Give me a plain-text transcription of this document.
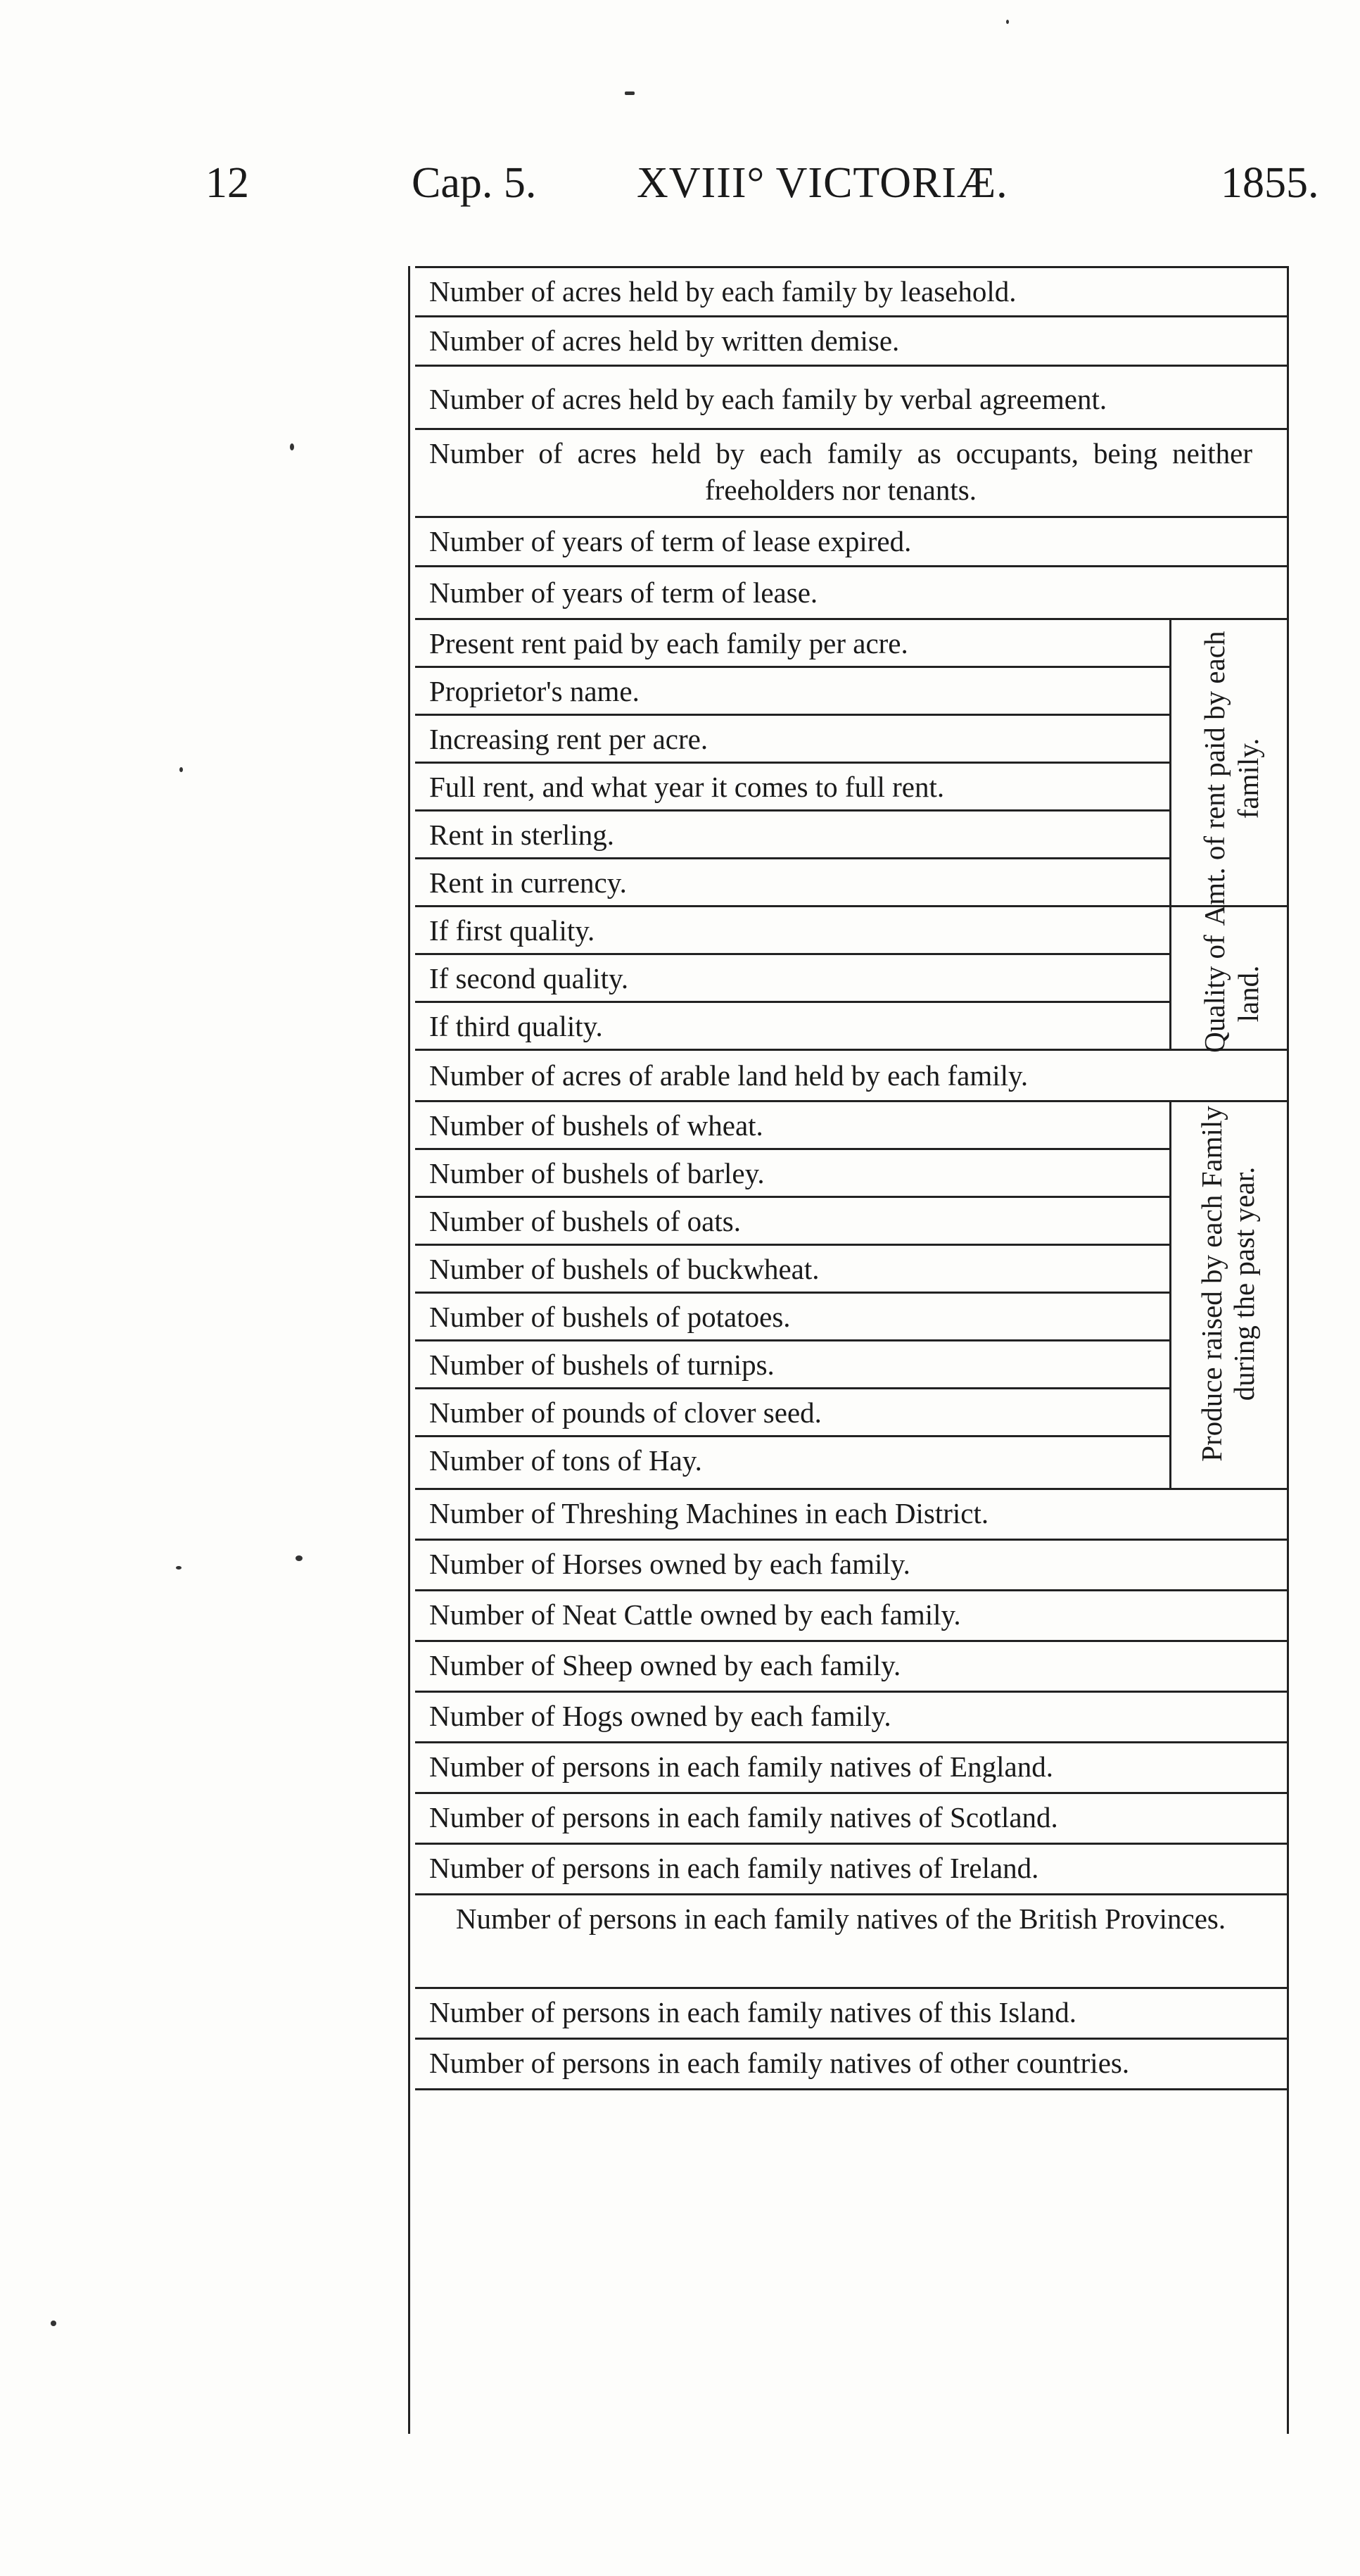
12	Cap. 5. XVIII° VICTORIÆ.	1855.
Number of acres held by each family by leasehold.
Number of acres held by written demise.
Number of acres held by each family by verbal agreement.
Number of acres held by each family as occupants, being neither freeholders nor tenants.
Number of years of term of lease expired.
Number of years of term of lease.
Present rent paid by each family per acre.
Proprietor's name.
Increasing rent per acre.
Full rent, and what year it comes to full rent.
Rent in sterling.
Rent in currency.
If first quality.
If second quality.
If third quality.
Number of acres of arable land held by each family.
Number of bushels of wheat.
Number of bushels of barley.
Number of bushels of oats.
Number of bushels of buckwheat.
Number of bushels of potatoes.
Number of bushels of turnips.
Number of pounds of clover seed.
Number of tons of Hay.
Number of Threshing Machines in each District.
Number of Horses owned by each family.
Number of Neat Cattle owned by each family.
Number of Sheep owned by each family.
Number of Hogs owned by each family.
Number of persons in each family natives of England.
Number of persons in each family natives of Scotland.
Number of persons in each family natives of Ireland.
Number of persons in each family natives of the British Provinces.
Number of persons in each family natives of this Island.
Number of persons in each family natives of other countries.
Amt. of rent paid by each family.
Quality of land.
Produce raised by each Family during the past year.
